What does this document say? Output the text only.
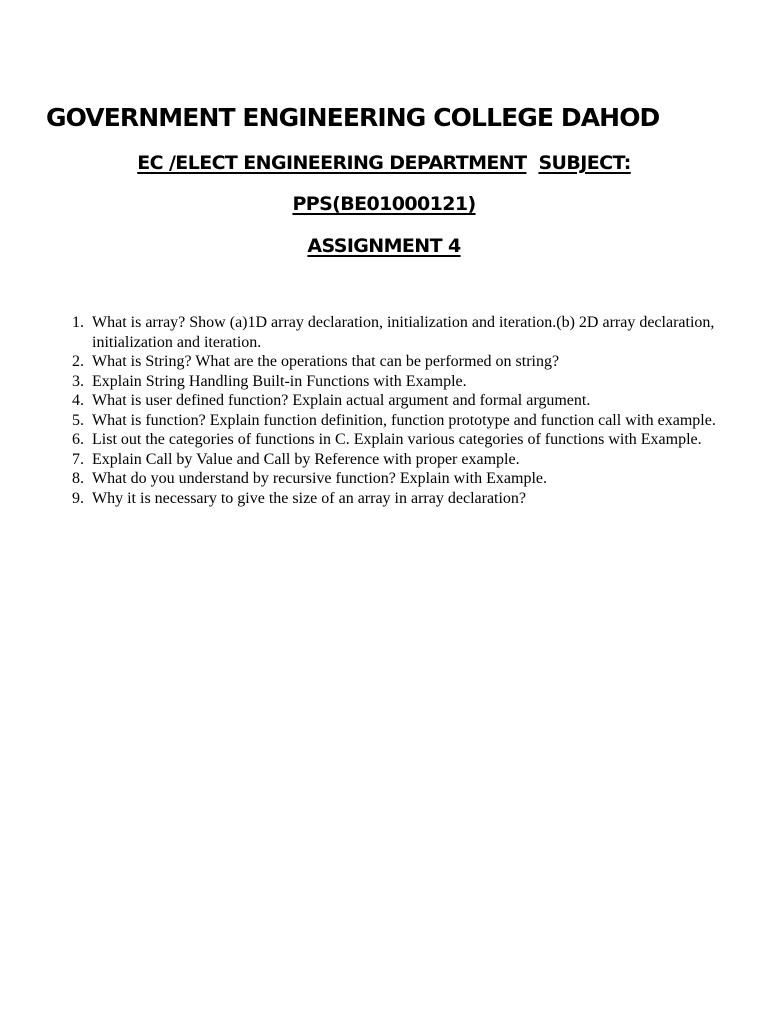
GOVERNMENT ENGINEERING COLLEGE DAHOD

EC /ELECT ENGINEERING DEPARTMENT SUBJECT:

PPS(BE01000121)

ASSIGNMENT 4

What is array? Show (a)1D array declaration, initialization and iteration.(b) 2D array declaration, initialization and iteration.
What is String? What are the operations that can be performed on string?
Explain String Handling Built-in Functions with Example.
What is user defined function? Explain actual argument and formal argument.
What is function? Explain function definition, function prototype and function call with example.
List out the categories of functions in C. Explain various categories of functions with Example.
Explain Call by Value and Call by Reference with proper example.
What do you understand by recursive function? Explain with Example.
Why it is necessary to give the size of an array in array declaration?
